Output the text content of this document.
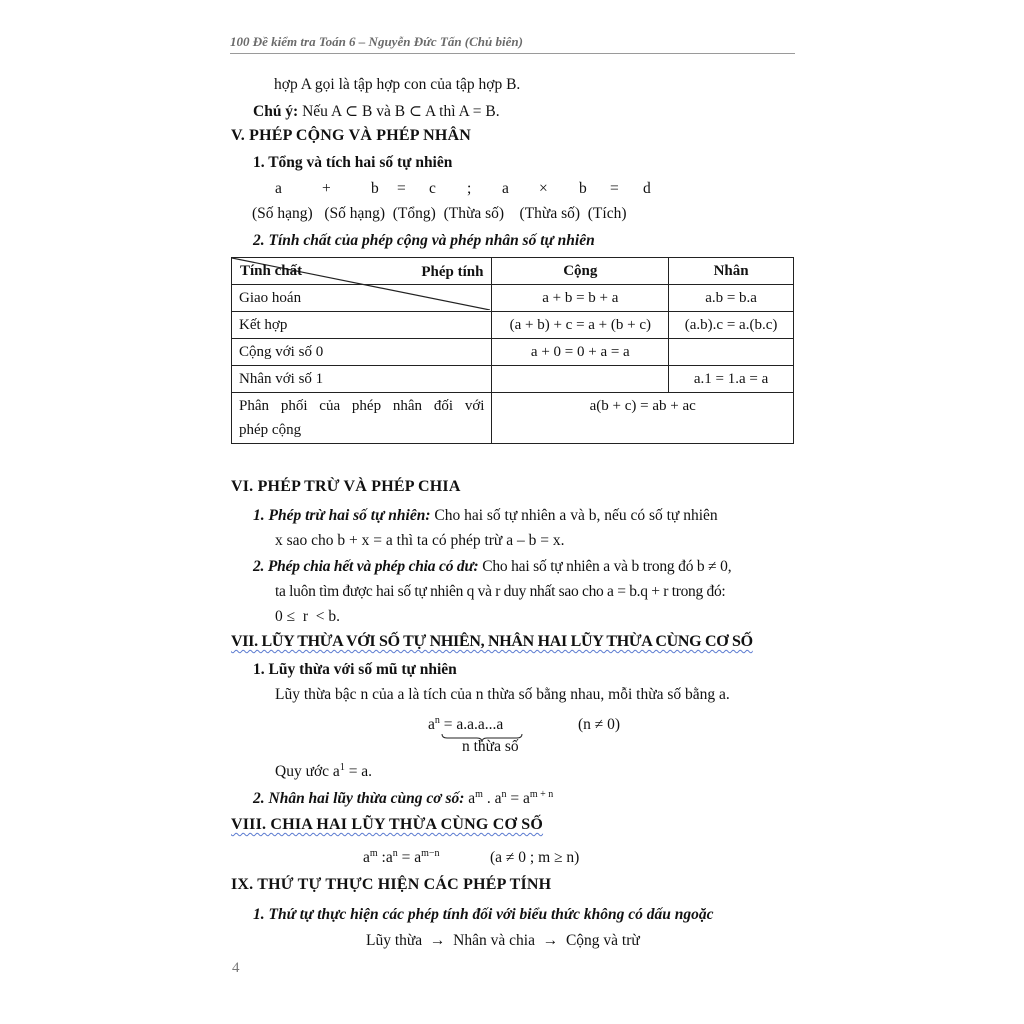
100 Đề kiểm tra Toán 6 – Nguyễn Đức Tấn (Chủ biên)
hợp A gọi là tập hợp con của tập hợp B.
Chú ý: Nếu A ⊂ B và B ⊂ A thì A = B.
V. PHÉP CỘNG VÀ PHÉP NHÂN
1. Tổng và tích hai số tự nhiên
a	+	b = c ; a × b = d
(Số hạng)   (Số hạng)  (Tổng)  (Thừa số)    (Thừa số)  (Tích)
2. Tính chất của phép cộng và phép nhân số tự nhiên
Phép tính
Tính chất	Cộng	Nhân
Giao hoán	a + b = b + a	a.b = b.a
Kết hợp	(a + b) + c = a + (b + c)	(a.b).c = a.(b.c)
Cộng với số 0	a + 0 = 0 + a = a	
Nhân với số 1		a.1 = 1.a = a

Phân phối của phép nhân đối với
phép cộng	a(b + c) = ab + ac	
VI. PHÉP TRỪ VÀ PHÉP CHIA
1. Phép trừ hai số tự nhiên: Cho hai số tự nhiên a và b, nếu có số tự nhiên
x sao cho b + x = a thì ta có phép trừ a – b = x.
2. Phép chia hết và phép chia có dư: Cho hai số tự nhiên a và b trong đó b ≠ 0,
ta luôn tìm được hai số tự nhiên q và r duy nhất sao cho a = b.q + r trong đó:
0 ≤  r  < b.
VII. LŨY THỪA VỚI SỐ TỰ NHIÊN, NHÂN HAI LŨY THỪA CÙNG CƠ SỐ
1. Lũy thừa với số mũ tự nhiên
Lũy thừa bậc n của a là tích của n thừa số bằng nhau, mỗi thừa số bằng a.
$a^n = a.a.a...a$	(n ≠ 0)
n thừa số
Quy ước $a^1 = a$.
2. Nhân hai lũy thừa cùng cơ số: $a^m$ . $a^n = a^{m + n}$
VIII. CHIA HAI LŨY THỪA CÙNG CƠ SỐ
$a^m$ $:a^n = a^{m-n}$	(a ≠ 0 ; m ≥ n)
IX. THỨ TỰ THỰC HIỆN CÁC PHÉP TÍNH
1. Thứ tự thực hiện các phép tính đối với biểu thức không có dấu ngoặc
Lũy thừa  →  Nhân và chia  →  Cộng và trừ
4
